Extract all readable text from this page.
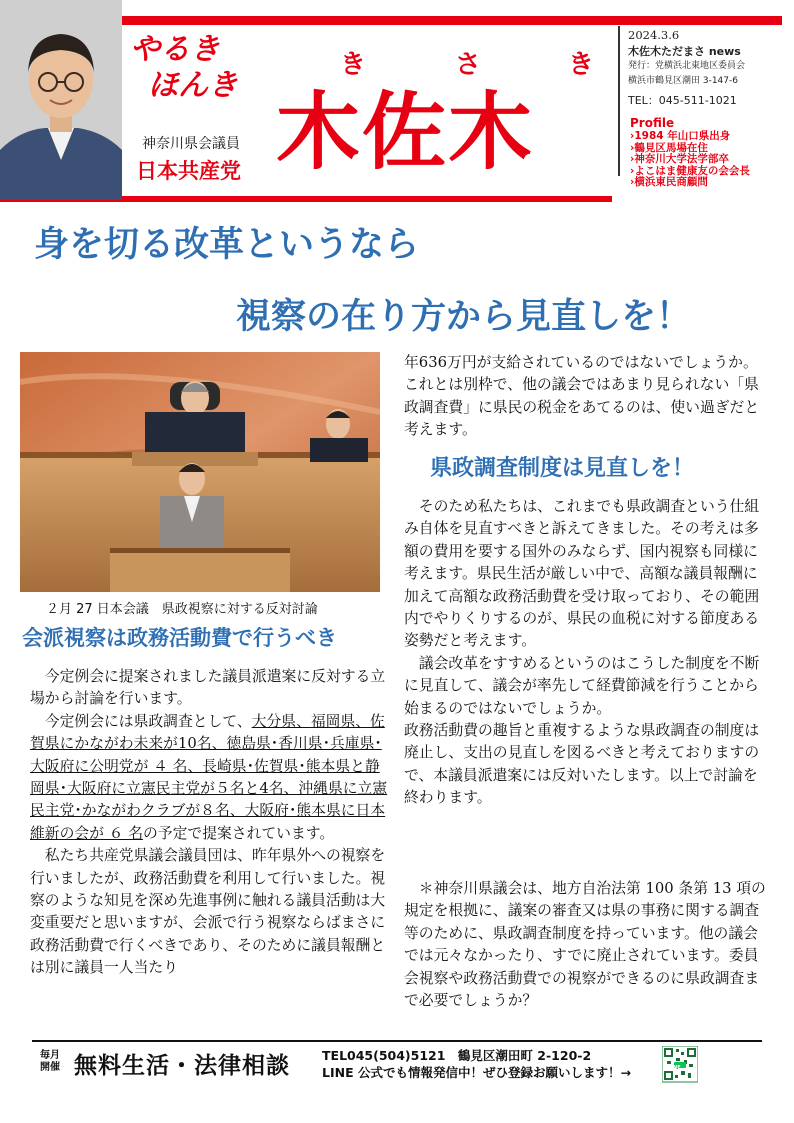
やるき
ほんき
き	さ	き
木佐木
神奈川県会議員
日本共産党
2024.3.6
木佐木ただまさ news
発行：党横浜北東地区委員会
横浜市鶴見区潮田 3-147-6
TEL：045-511-1021
Profile
›1984 年山口県出身
›鶴見区馬場在住
›神奈川大学法学部卒
›よこはま健康友の会会長
›横浜東民商顧問
身を切る改革というなら
視察の在り方から見直しを！
２月 27 日本会議　県政視察に対する反対討論
会派視察は政務活動費で行うべき

今定例会に提案されました議員派遣案に反対する立場から討論を行います。

今定例会には県政調査として、大分県、福岡県、佐賀県にかながわ未来が10名、徳島県･香川県･兵庫県･大阪府に公明党が ４ 名、長崎県･佐賀県･熊本県と静岡県･大阪府に立憲民主党が５名と4名、沖縄県に立憲民主党･かながわクラブが８名、大阪府･熊本県に日本維新の会が ６ 名の予定で提案されています。

私たち共産党県議会議員団は、昨年県外への視察を行いましたが、政務活動費を利用して行いました。視察のような知見を深め先進事例に触れる議員活動は大変重要だと思いますが、会派で行う視察ならばまさに政務活動費で行くべきであり、そのために議員報酬とは別に議員一人当たり

年636万円が支給されているのではないでしょうか。これとは別枠で、他の議会ではあまり見られない「県政調査費」に県民の税金をあてるのは、使い過ぎだと考えます。

県政調査制度は見直しを！

そのため私たちは、これまでも県政調査という仕組み自体を見直すべきと訴えてきました。その考えは多額の費用を要する国外のみならず、国内視察も同様に考えます。県民生活が厳しい中で、高額な議員報酬に加えて高額な政務活動費を受け取っており、その範囲内でやりくりするのが、県民の血税に対する節度ある姿勢だと考えます。

議会改革をすすめるというのはこうした制度を不断に見直して、議会が率先して経費節減を行うことから始まるのではないでしょうか。

政務活動費の趣旨と重複するような県政調査の制度は廃止し、支出の見直しを図るべきと考えておりますので、本議員派遣案には反対いたします。以上で討論を終わります。

＊神奈川県議会は、地方自治法第 100 条第 13 項の規定を根拠に、議案の審査又は県の事務に関する調査等のために、県政調査制度を持っています。他の議会では元々なかったり、すでに廃止されています。委員会視察や政務活動費での視察ができるのに県政調査まで必要でしょうか？

毎月
開催 無料生活・法律相談	TEL045(504)5121　鶴見区潮田町 2-120-2
LINE 公式でも情報発信中！ぜひ登録お願いします！→	LINE
